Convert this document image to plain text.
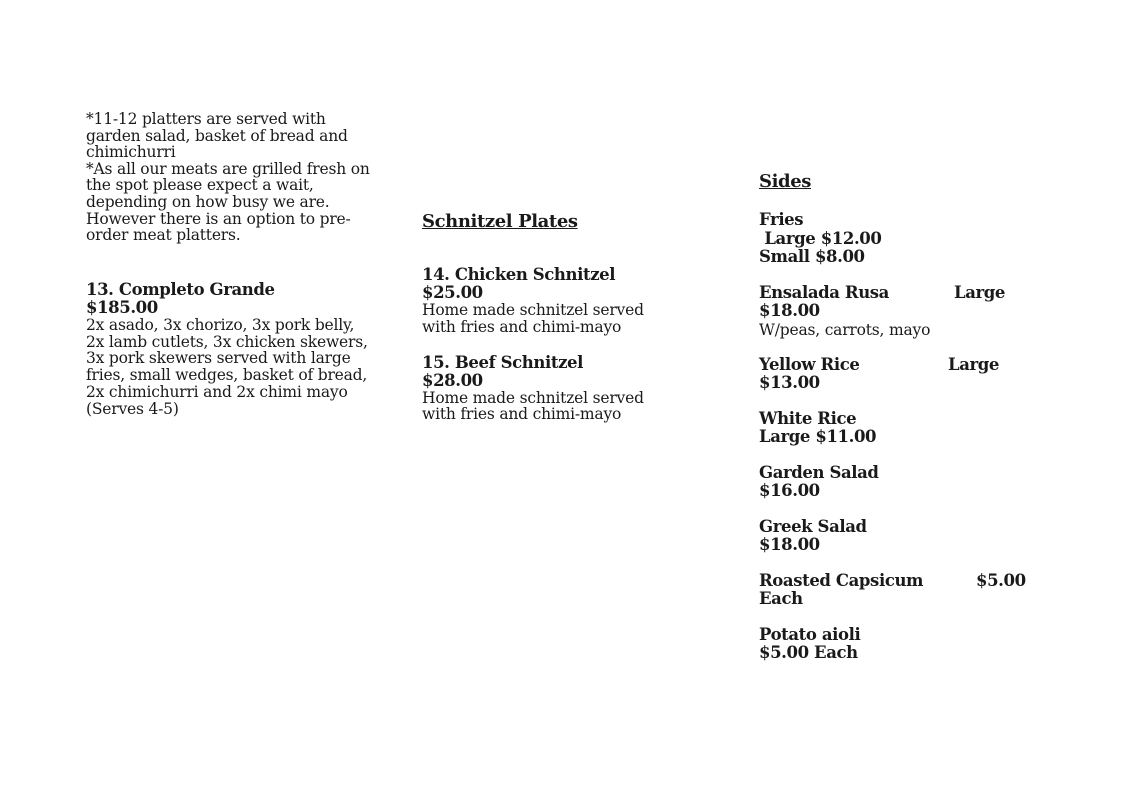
*11-12 platters are served with garden salad, basket of bread and chimichurri

*As all our meats are grilled fresh on the spot please expect a wait, depending on how busy we are. However there is an option to pre-order meat platters.

13. Completo Grande

$185.00

2x asado, 3x chorizo, 3x pork belly, 2x lamb cutlets, 3x chicken skewers, 3x pork skewers served with large fries, small wedges, basket of bread, 2x chimichurri and 2x chimi mayo

(Serves 4-5)

Schnitzel Plates

14. Chicken Schnitzel

$25.00

Home made schnitzel served with fries and chimi-mayo

15. Beef Schnitzel

$28.00

Home made schnitzel served with fries and chimi-mayo

Sides

Fries

Large $12.00

Small $8.00

Ensalada Rusa	Large

$18.00

W/peas, carrots, mayo

Yellow Rice	Large

$13.00

White Rice

Large $11.00

Garden Salad

$16.00

Greek Salad

$18.00

Roasted Capsicum	$5.00

Each

Potato aioli

$5.00 Each
